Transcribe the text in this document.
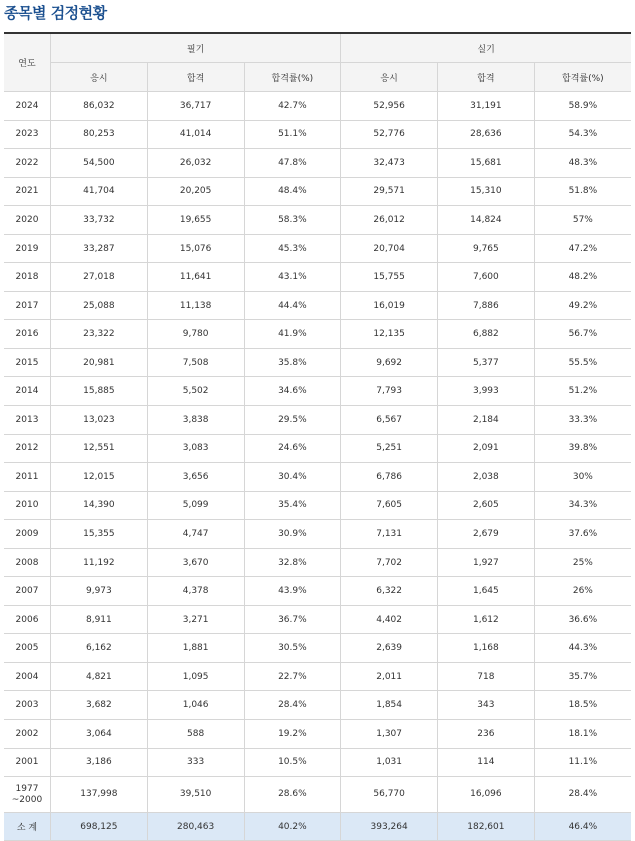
종목별 검정현황
연도	필기			실기		
	응시	합격	합격률(%)	응시	합격	합격률(%)
2024	86,032	36,717	42.7%	52,956	31,191	58.9%
2023	80,253	41,014	51.1%	52,776	28,636	54.3%
2022	54,500	26,032	47.8%	32,473	15,681	48.3%
2021	41,704	20,205	48.4%	29,571	15,310	51.8%
2020	33,732	19,655	58.3%	26,012	14,824	57%
2019	33,287	15,076	45.3%	20,704	9,765	47.2%
2018	27,018	11,641	43.1%	15,755	7,600	48.2%
2017	25,088	11,138	44.4%	16,019	7,886	49.2%
2016	23,322	9,780	41.9%	12,135	6,882	56.7%
2015	20,981	7,508	35.8%	9,692	5,377	55.5%
2014	15,885	5,502	34.6%	7,793	3,993	51.2%
2013	13,023	3,838	29.5%	6,567	2,184	33.3%
2012	12,551	3,083	24.6%	5,251	2,091	39.8%
2011	12,015	3,656	30.4%	6,786	2,038	30%
2010	14,390	5,099	35.4%	7,605	2,605	34.3%
2009	15,355	4,747	30.9%	7,131	2,679	37.6%
2008	11,192	3,670	32.8%	7,702	1,927	25%
2007	9,973	4,378	43.9%	6,322	1,645	26%
2006	8,911	3,271	36.7%	4,402	1,612	36.6%
2005	6,162	1,881	30.5%	2,639	1,168	44.3%
2004	4,821	1,095	22.7%	2,011	718	35.7%
2003	3,682	1,046	28.4%	1,854	343	18.5%
2002	3,064	588	19.2%	1,307	236	18.1%
2001	3,186	333	10.5%	1,031	114	11.1%
1977
~2000	137,998	39,510	28.6%	56,770	16,096	28.4%
소 계	698,125	280,463	40.2%	393,264	182,601	46.4%
